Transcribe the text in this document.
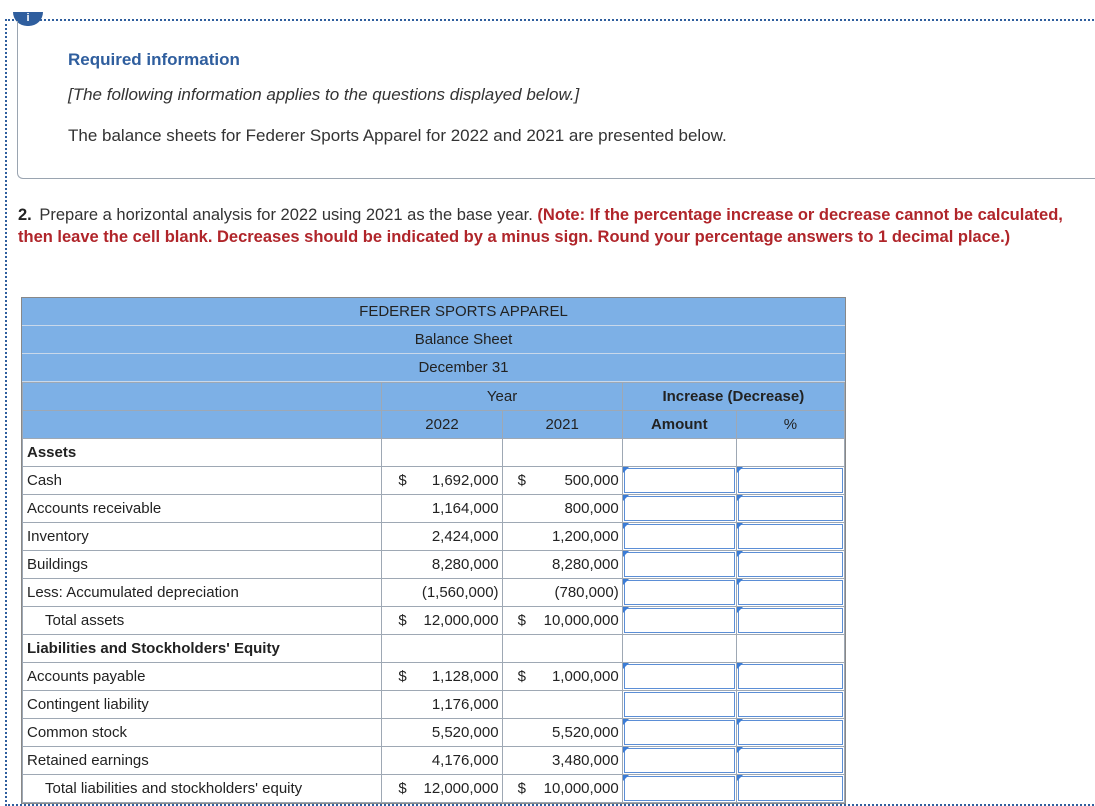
i
Required information
[The following information applies to the questions displayed below.]
The balance sheets for Federer Sports Apparel for 2022 and 2021 are presented below.
2. Prepare a horizontal analysis for 2022 using 2021 as the base year. (Note: If the percentage increase or decrease cannot be calculated, then leave the cell blank. Decreases should be indicated by a minus sign. Round your percentage answers to 1 decimal place.)
FEDERER SPORTS APPAREL
Balance Sheet
December 31
	Year		Increase (Decrease)	
	2022	2021	Amount	%
Assets				
Cash	$ 1,692,000	$ 500,000	

Accounts receivable	1,164,000	800,000	

Inventory	2,424,000	1,200,000	

Buildings	8,280,000	8,280,000	

Less: Accumulated depreciation	(1,560,000)	(780,000)	

Total assets	$ 12,000,000	$ 10,000,000	

Liabilities and Stockholders' Equity				
Accounts payable	$ 1,128,000	$ 1,000,000	

Contingent liability	1,176,000		

Common stock	5,520,000	5,520,000	

Retained earnings	4,176,000	3,480,000	

Total liabilities and stockholders' equity	$ 12,000,000	$ 10,000,000	
